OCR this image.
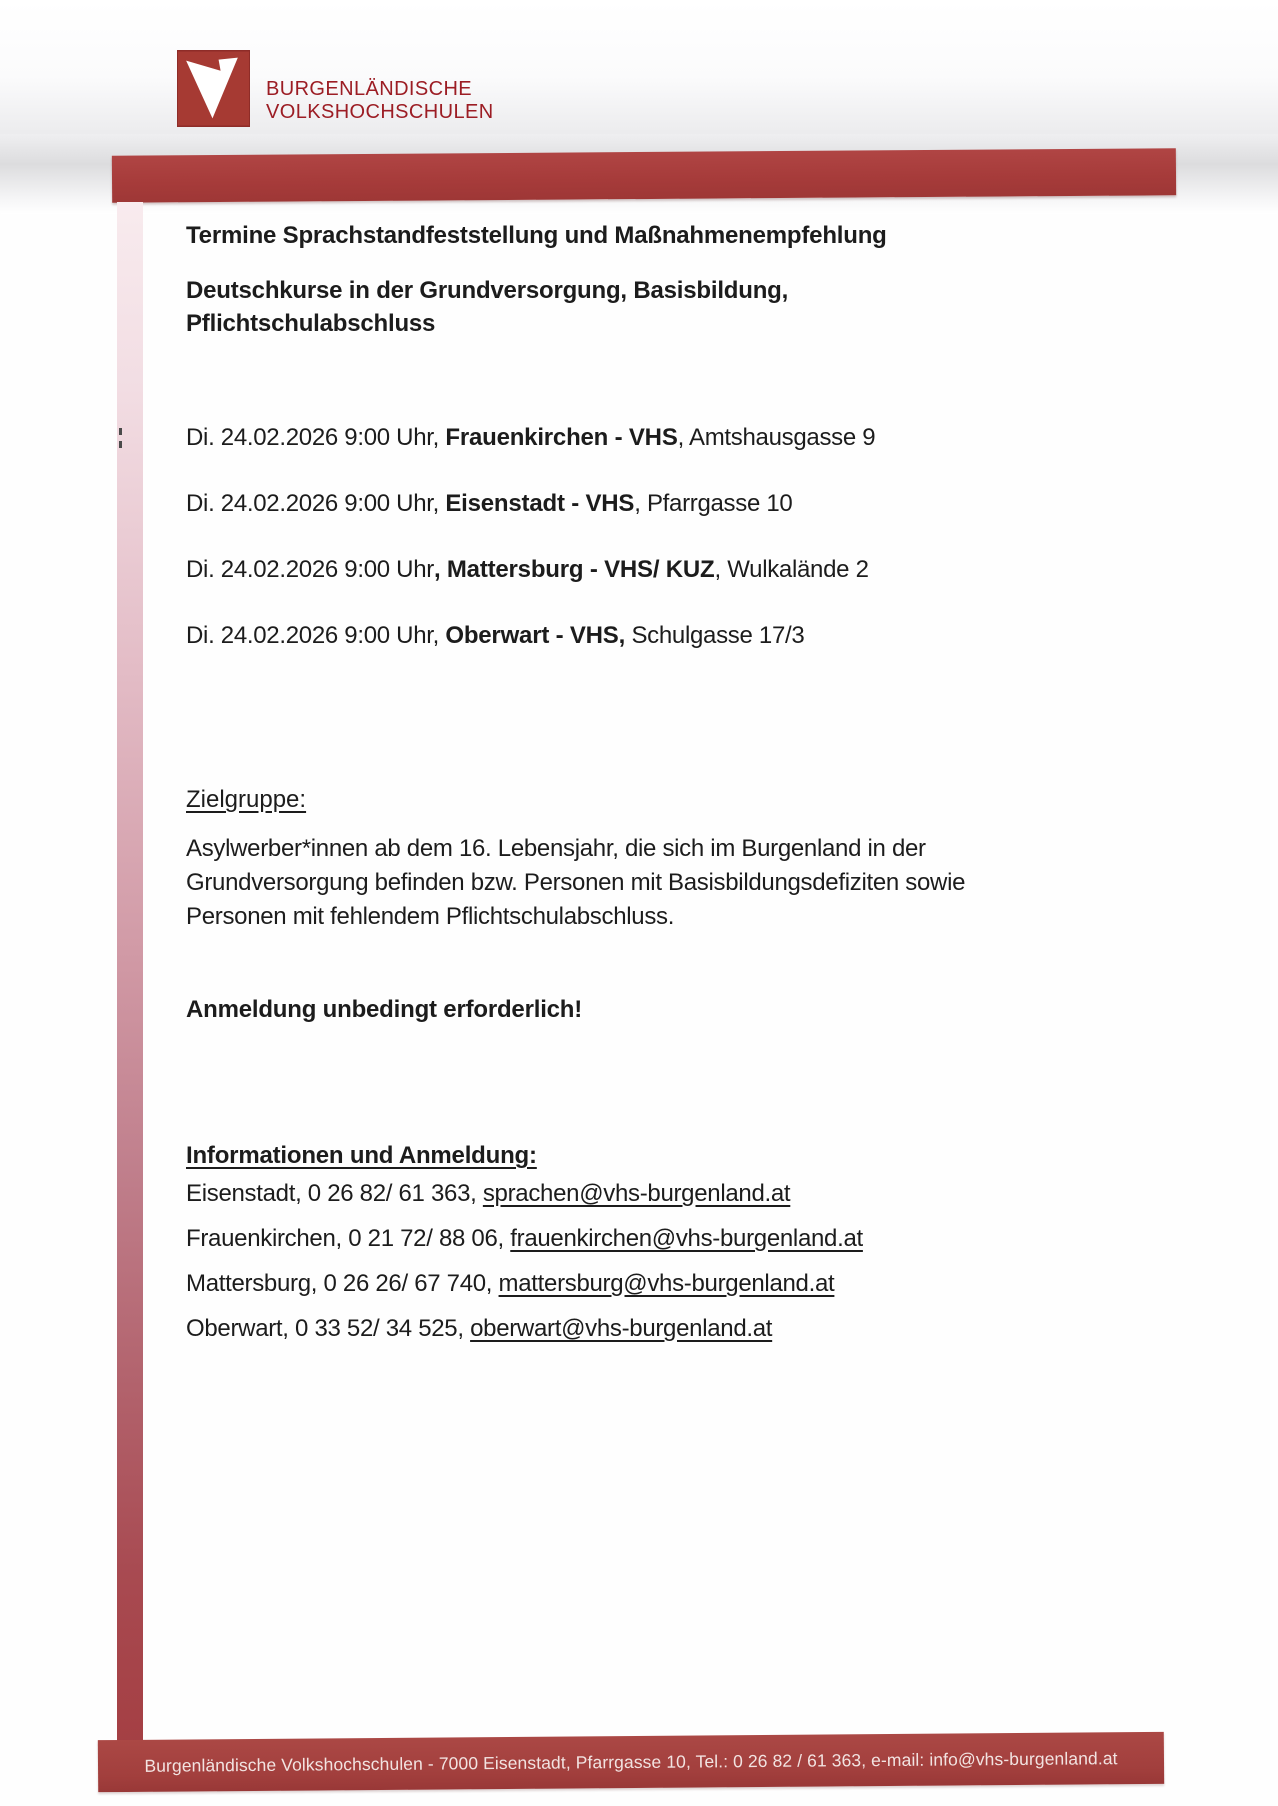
BURGENLÄNDISCHE
VOLKSHOCHSCHULEN
Termine Sprachstandfeststellung und Maßnahmenempfehlung
Deutschkurse in der Grundversorgung, Basisbildung, Pflichtschulabschluss
Di. 24.02.2026 9:00 Uhr, Frauenkirchen - VHS, Amtshausgasse 9
Di. 24.02.2026 9:00 Uhr, Eisenstadt - VHS, Pfarrgasse 10
Di. 24.02.2026 9:00 Uhr, Mattersburg - VHS/ KUZ, Wulkalände 2
Di. 24.02.2026 9:00 Uhr, Oberwart - VHS, Schulgasse 17/3
Zielgruppe:
Asylwerber*innen ab dem 16. Lebensjahr, die sich im Burgenland in der Grundversorgung befinden bzw. Personen mit Basisbildungsdefiziten sowie Personen mit fehlendem Pflichtschulabschluss.
Anmeldung unbedingt erforderlich!
Informationen und Anmeldung:
Eisenstadt, 0 26 82/ 61 363, sprachen@vhs-burgenland.at
Frauenkirchen, 0 21 72/ 88 06, frauenkirchen@vhs-burgenland.at
Mattersburg, 0 26 26/ 67 740, mattersburg@vhs-burgenland.at
Oberwart, 0 33 52/ 34 525, oberwart@vhs-burgenland.at
Burgenländische Volkshochschulen - 7000 Eisenstadt, Pfarrgasse 10, Tel.: 0 26 82 / 61 363, e-mail: info@vhs-burgenland.at
